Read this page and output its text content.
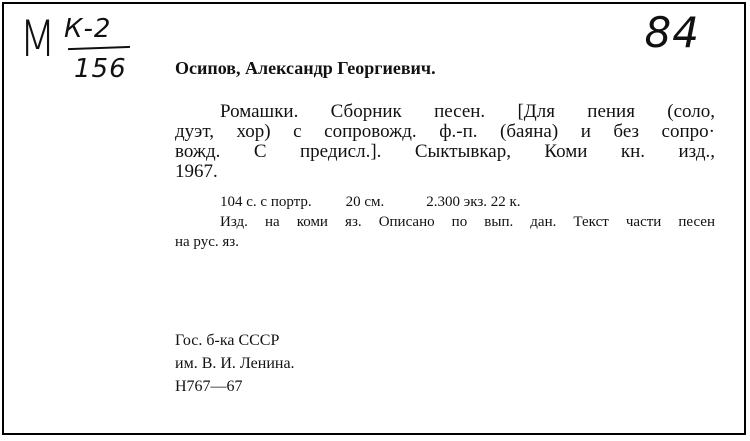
М К-2
156
84
Осипов, Александр Георгиевич.
Ромашки. Сборник песен. [Для пения (соло,
дуэт, хор) с сопровожд. ф.-п. (баяна) и без сопро·
вожд. С предисл.]. Сыктывкар, Коми кн. изд.,
1967.
104 с. с портр. 20 см.	2.300 экз. 22 к.
Изд. на коми яз. Описано по вып. дан. Текст части песен
на рус. яз.
Гос. б-ка СССР
им. В. И. Ленина.
Н767—67
